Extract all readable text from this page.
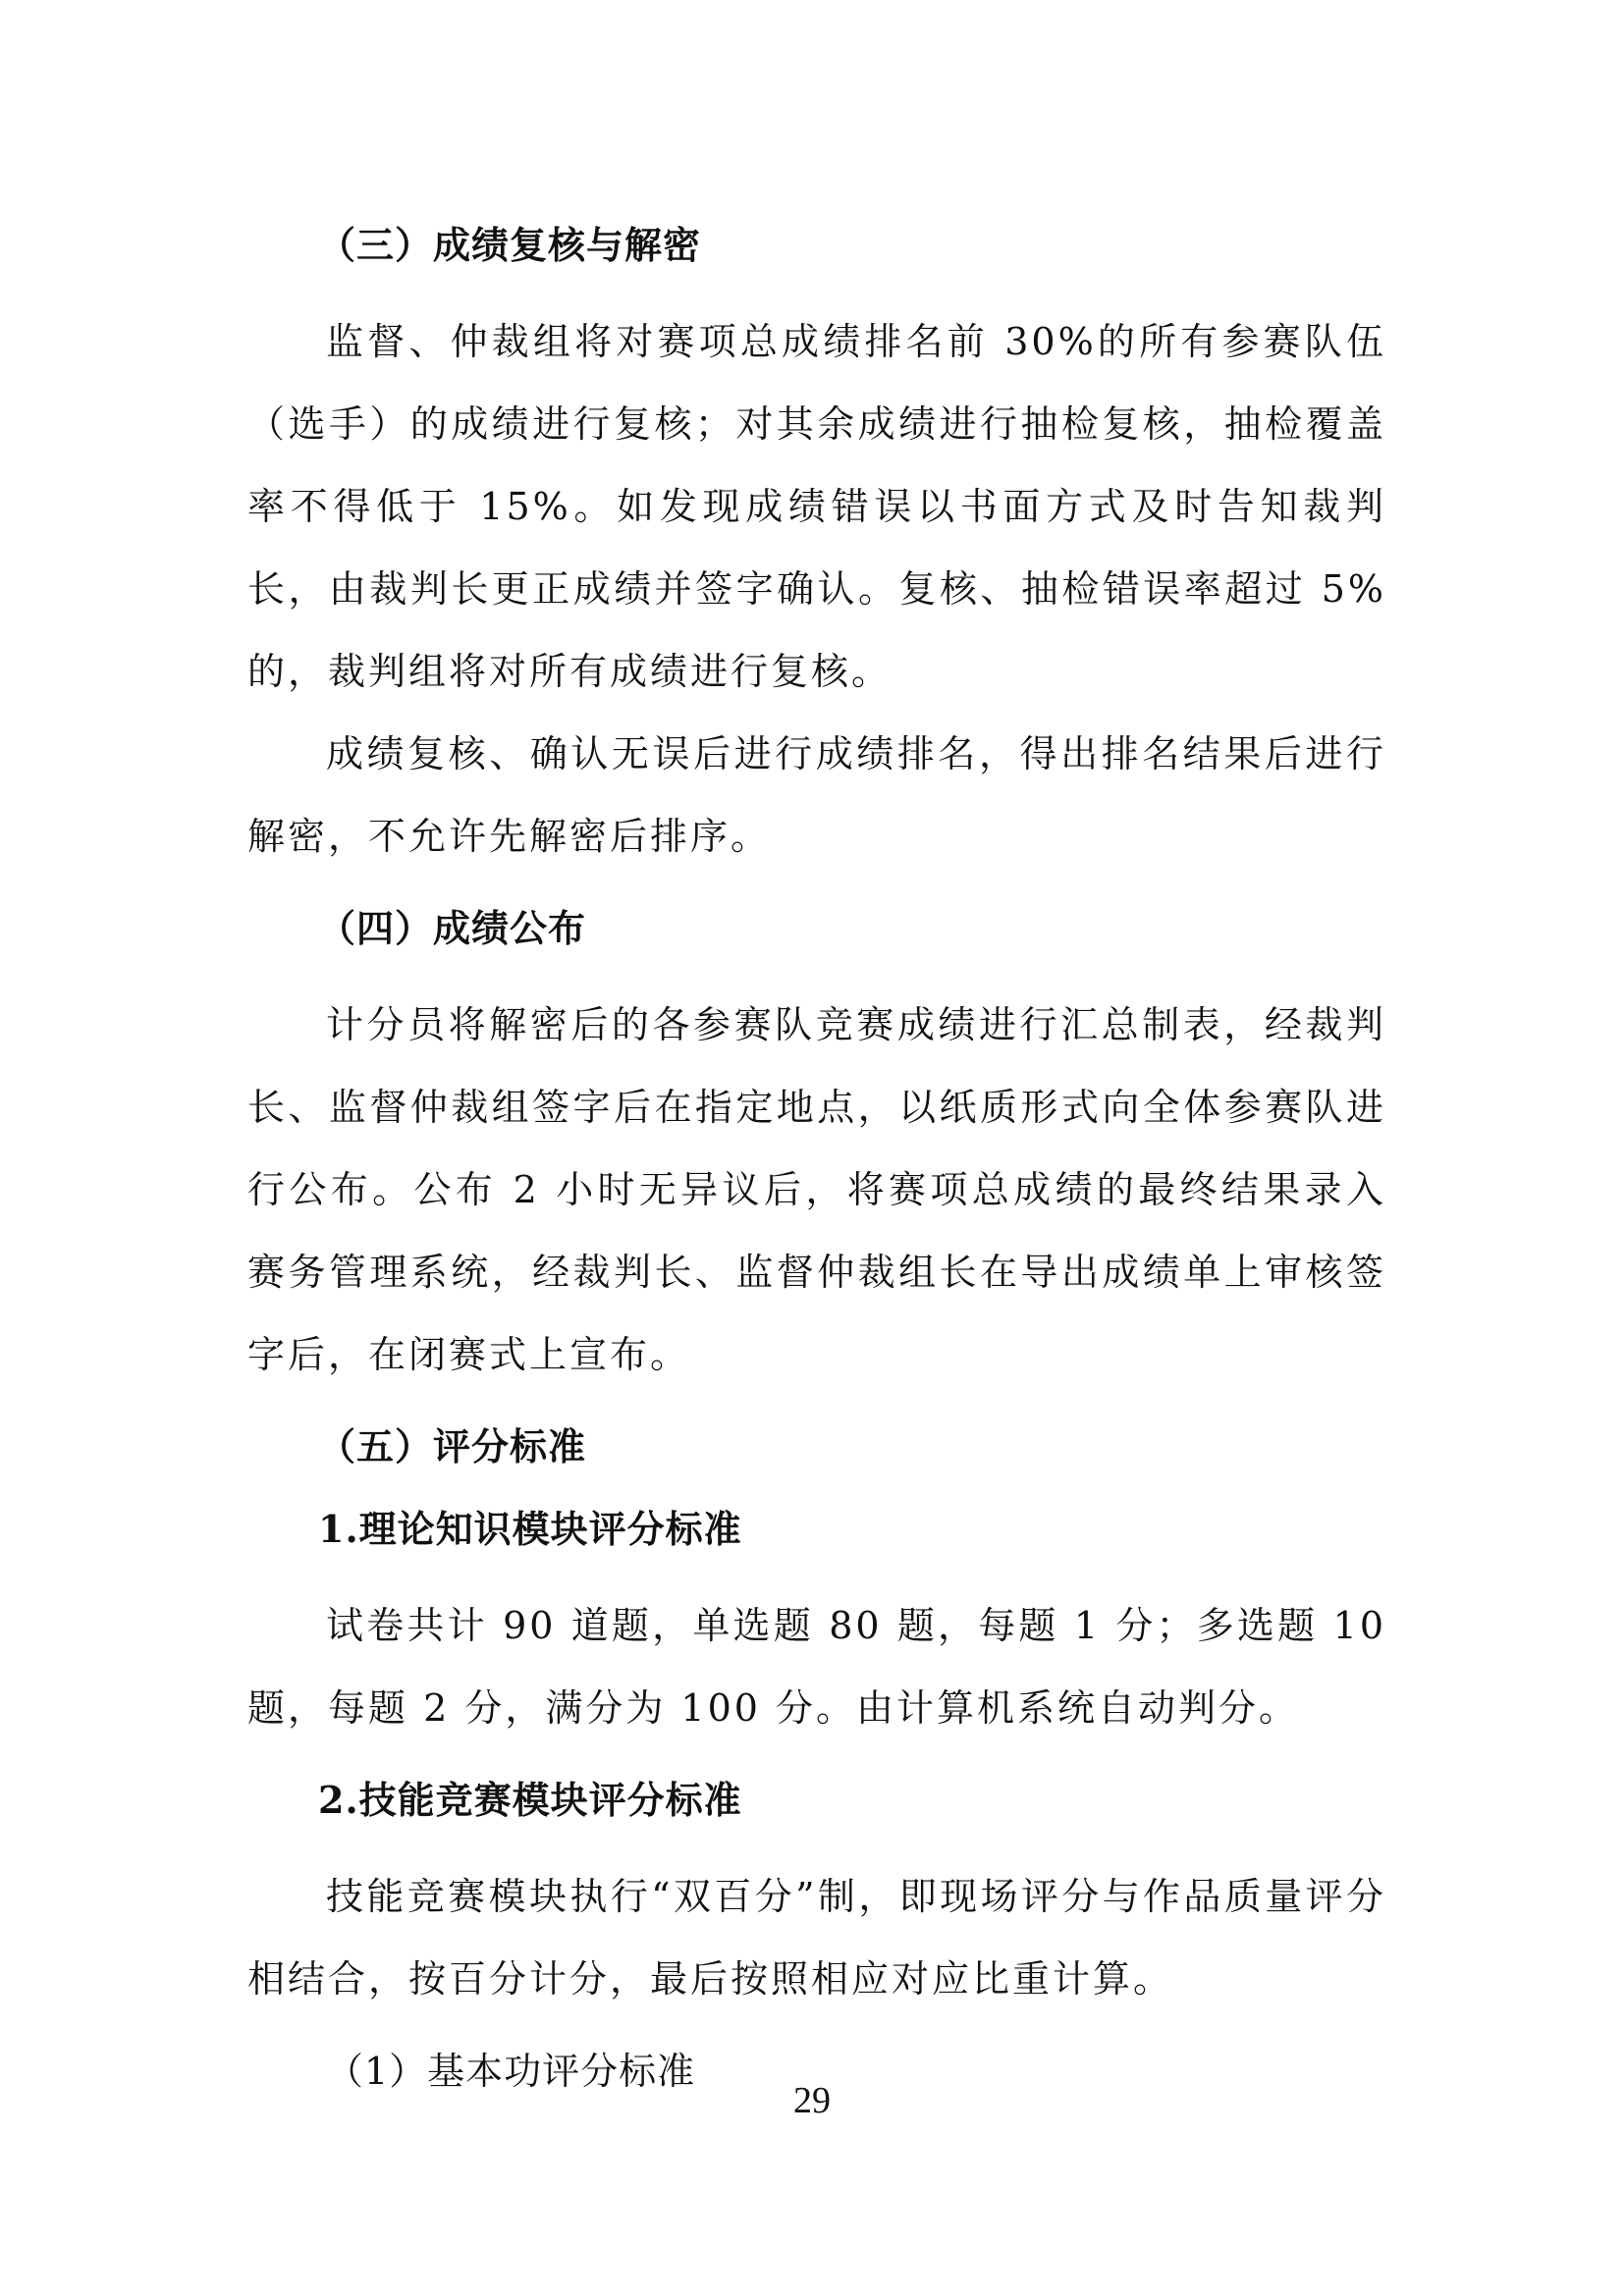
（三）成绩复核与解密

监督、仲裁组将对赛项总成绩排名前 30%的所有参赛队伍（选手）的成绩进行复核；对其余成绩进行抽检复核，抽检覆盖率不得低于 15%。如发现成绩错误以书面方式及时告知裁判长，由裁判长更正成绩并签字确认。复核、抽检错误率超过 5%的，裁判组将对所有成绩进行复核。

成绩复核、确认无误后进行成绩排名，得出排名结果后进行解密，不允许先解密后排序。

（四）成绩公布

计分员将解密后的各参赛队竞赛成绩进行汇总制表，经裁判长、监督仲裁组签字后在指定地点，以纸质形式向全体参赛队进行公布。公布 2 小时无异议后，将赛项总成绩的最终结果录入赛务管理系统，经裁判长、监督仲裁组长在导出成绩单上审核签字后，在闭赛式上宣布。

（五）评分标准
1.理论知识模块评分标准

试卷共计 90 道题，单选题 80 题，每题 1 分；多选题 10 题，每题 2 分，满分为 100 分。由计算机系统自动判分。

2.技能竞赛模块评分标准

技能竞赛模块执行“双百分”制，即现场评分与作品质量评分相结合，按百分计分，最后按照相应对应比重计算。

（1）基本功评分标准
29
